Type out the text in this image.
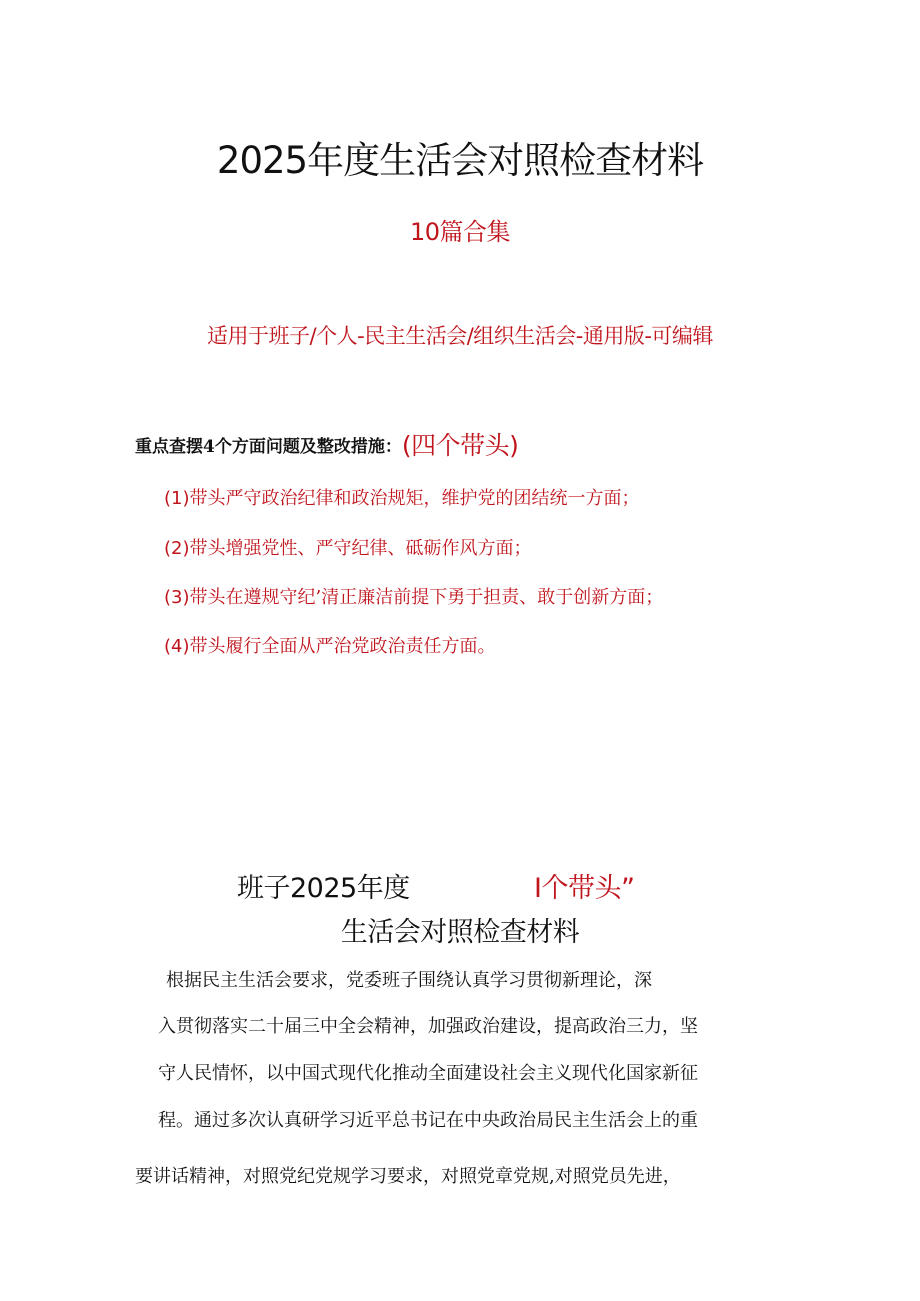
2025年度生活会对照检查材料
10篇合集
适用于班子/个人-民主生活会/组织生活会-通用版-可编辑
重点查摆4个方面问题及整改措施：(四个带头)
(1)带头严守政治纪律和政治规矩，维护党的团结统一方面；
(2)带头增强党性、严守纪律、砥砺作风方面；
(3)带头在遵规守纪’清正廉洁前提下勇于担责、敢于创新方面；
(4)带头履行全面从严治党政治责任方面。
班子2025年度	I个带头”
生活会对照检查材料
根据民主生活会要求，党委班子围绕认真学习贯彻新理论，深
入贯彻落实二十届三中全会精神，加强政治建设，提高政治三力，坚
守人民情怀，以中国式现代化推动全面建设社会主义现代化国家新征
程。通过多次认真研学习近平总书记在中央政治局民主生活会上的重
要讲话精神，对照党纪党规学习要求，对照党章党规,对照党员先进，
